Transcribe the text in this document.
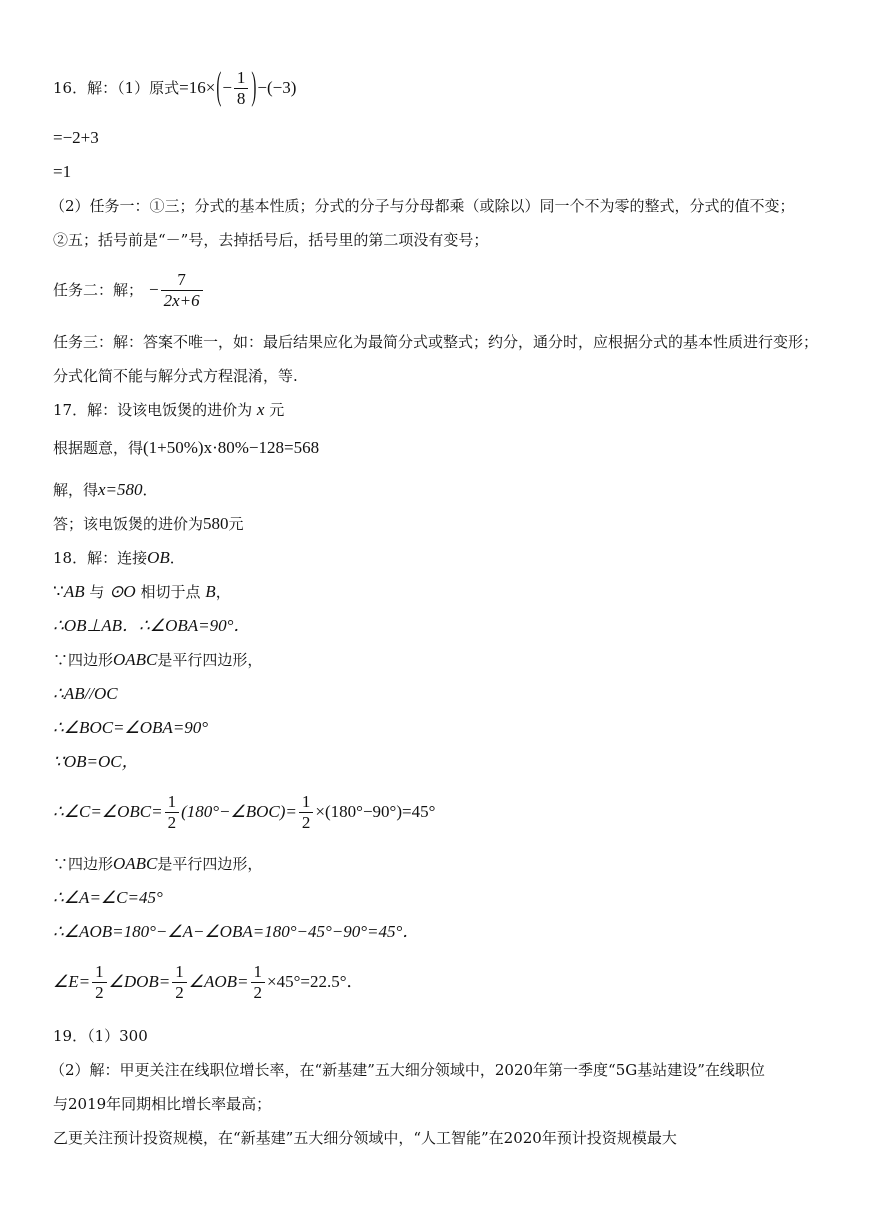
16．解：（1）原式 =16× ( − $\frac{1}{8}$ ) −(−3)
=−2+3
=1
（2）任务一：①三；分式的基本性质；分式的分子与分母都乘（或除以）同一个不为零的整式，分式的值不变；
②五；括号前是“－”号，去掉括号后，括号里的第二项没有变号；
任务二：解； − $\frac{7}{2x+6}$
任务三：解：答案不唯一，如：最后结果应化为最简分式或整式；约分，通分时，应根据分式的基本性质进行变形；
分式化简不能与解分式方程混淆，等.
17．解：设该电饭煲的进价为 x 元
根据题意，得(1+50%)x·80%−128=568
解，得x=580．
答；该电饭煲的进价为580元
18．解：连接OB．
∵AB 与 ⊙O 相切于点 B，
∴OB⊥AB．∴∠OBA=90°．
∵四边形OABC是平行四边形，
∴AB//OC
∴∠BOC=∠OBA=90°
∵OB=OC，
∴∠C=∠OBC= $\frac{1}{2}$ (180°−∠BOC)= $\frac{1}{2} \times(180^\circ-90^\circ)=45^\circ$
∵四边形OABC是平行四边形，
∴∠A=∠C=45°
∴∠AOB=180°−∠A−∠OBA=180°−45°−90°=45°．
∠E= $\frac{1}{2}$ ∠DOB= $\frac{1}{2}$ ∠AOB= $\frac{1}{2} \times 45^\circ=22.5^\circ$．
19．（1）300
（2）解：甲更关注在线职位增长率，在“新基建”五大细分领域中，2020年第一季度“5G基站建设”在线职位
与2019年同期相比增长率最高；
乙更关注预计投资规模，在“新基建”五大细分领域中，“人工智能”在2020年预计投资规模最大
